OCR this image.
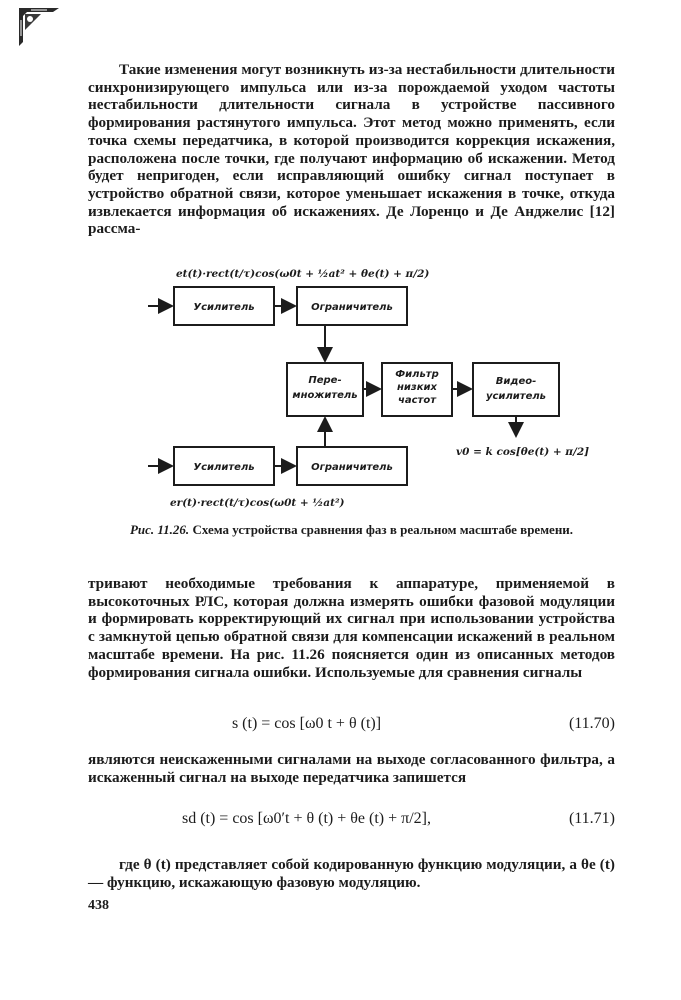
Такие изменения могут возникнуть из-за нестабильности длительности синхронизирующего импульса или из-за порождаемой уходом частоты нестабильности длительности сигнала в устройстве пассивного формирования растянутого импульса. Этот метод можно применять, если точка схемы передатчика, в которой производится коррекция искажения, расположена после точки, где получают информацию об искажении. Метод будет непригоден, если исправляющий ошибку сигнал поступает в устройство обратной связи, которое уменьшает искажения в точке, откуда извлекается информация об искажениях. Де Лоренцо и Де Анджелис [12] рассма-

Усилитель	Ограничитель
Пере-
множитель
Фильтр
низких
частот
Видео-
усилитель
Усилитель	Ограничитель
et(t)·rect(t/τ)cos(ω0t + ½at² + θe(t) + π/2)
er(t)·rect(t/τ)cos(ω0t + ½at²)
v0 = k cos[θe(t) + π/2]
Рис. 11.26. Схема устройства сравнения фаз в реальном масштабе времени.

тривают необходимые требования к аппаратуре, применяемой в высокоточных РЛС, которая должна измерять ошибки фазовой модуляции и формировать корректирующий их сигнал при использовании устройства с замкнутой цепью обратной связи для компенсации искажений в реальном масштабе времени. На рис. 11.26 поясняется один из описанных методов формирования сигнала ошибки. Используемые для сравнения сигналы

s (t) = cos [ω0 t + θ (t)]	(11.70)

являются неискаженными сигналами на выходе согласованного фильтра, а искаженный сигнал на выходе передатчика запишется

sd (t) = cos [ω0′t + θ (t) + θe (t) + π/2],	(11.71)

где θ (t) представляет собой кодированную функцию модуляции, а θe (t) — функцию, искажающую фазовую модуляцию.

438
